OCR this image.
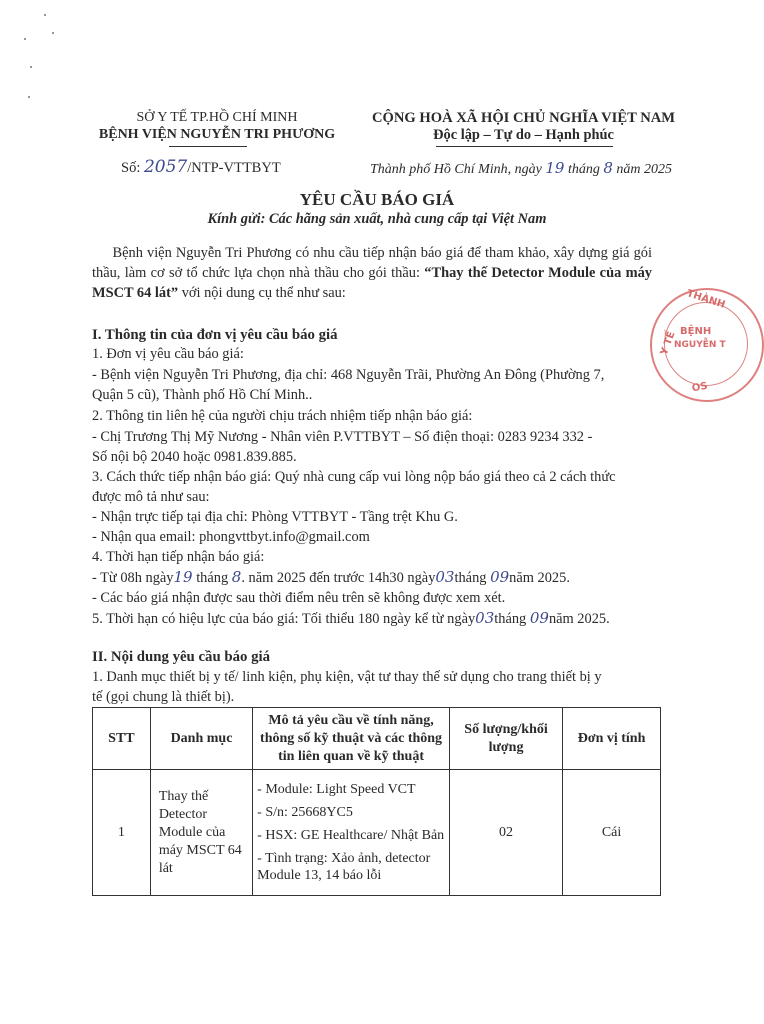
SỞ Y TẾ TP.HỒ CHÍ MINH
BỆNH VIỆN NGUYỄN TRI PHƯƠNG
Số: 2057/NTP-VTTBYT
CỘNG HOÀ XÃ HỘI CHỦ NGHĨA VIỆT NAM
Độc lập – Tự do – Hạnh phúc
Thành phố Hồ Chí Minh, ngày 19 tháng 8 năm 2025
YÊU CẦU BÁO GIÁ
Kính gửi: Các hãng sản xuất, nhà cung cấp tại Việt Nam
Bệnh viện Nguyễn Tri Phương có nhu cầu tiếp nhận báo giá để tham khảo, xây dựng giá gói thầu, làm cơ sở tổ chức lựa chọn nhà thầu cho gói thầu: “Thay thế Detector Module của máy MSCT 64 lát” với nội dung cụ thể như sau:
I. Thông tin của đơn vị yêu cầu báo giá
1. Đơn vị yêu cầu báo giá:
- Bệnh viện Nguyễn Tri Phương, địa chỉ: 468 Nguyễn Trãi, Phường An Đông (Phường 7,
Quận 5 cũ), Thành phố Hồ Chí Minh..
2. Thông tin liên hệ của người chịu trách nhiệm tiếp nhận báo giá:
- Chị Trương Thị Mỹ Nương - Nhân viên P.VTTBYT – Số điện thoại: 0283 9234 332 -
Số nội bộ 2040 hoặc 0981.839.885.
3. Cách thức tiếp nhận báo giá: Quý nhà cung cấp vui lòng nộp báo giá theo cả 2 cách thức
được mô tả như sau:
- Nhận trực tiếp tại địa chỉ: Phòng VTTBYT - Tầng trệt Khu G.
- Nhận qua email: phongvttbyt.info@gmail.com
4. Thời hạn tiếp nhận báo giá:
- Từ 08h ngày19 tháng 8. năm 2025 đến trước 14h30 ngày03tháng 09năm 2025.
- Các báo giá nhận được sau thời điểm nêu trên sẽ không được xem xét.
5. Thời hạn có hiệu lực của báo giá: Tối thiểu 180 ngày kể từ ngày03tháng 09năm 2025.
II. Nội dung yêu cầu báo giá
1. Danh mục thiết bị y tế/ linh kiện, phụ kiện, vật tư thay thế sử dụng cho trang thiết bị y
tế (gọi chung là thiết bị).
STT	Danh mục	Mô tả yêu cầu về tính năng, thông số kỹ thuật và các thông tin liên quan về kỹ thuật	Số lượng/khối lượng	Đơn vị tính
1	Thay thế Detector Module của máy MSCT 64 lát	- Module: Light Speed VCT
- S/n: 25668YC5
- HSX: GE Healthcare/ Nhật Bản
- Tình trạng: Xảo ảnh, detector Module 13, 14 báo lỗi	02	Cái
THÀNH
Y TẾ BỆNH
NGUYỄN T
OS
